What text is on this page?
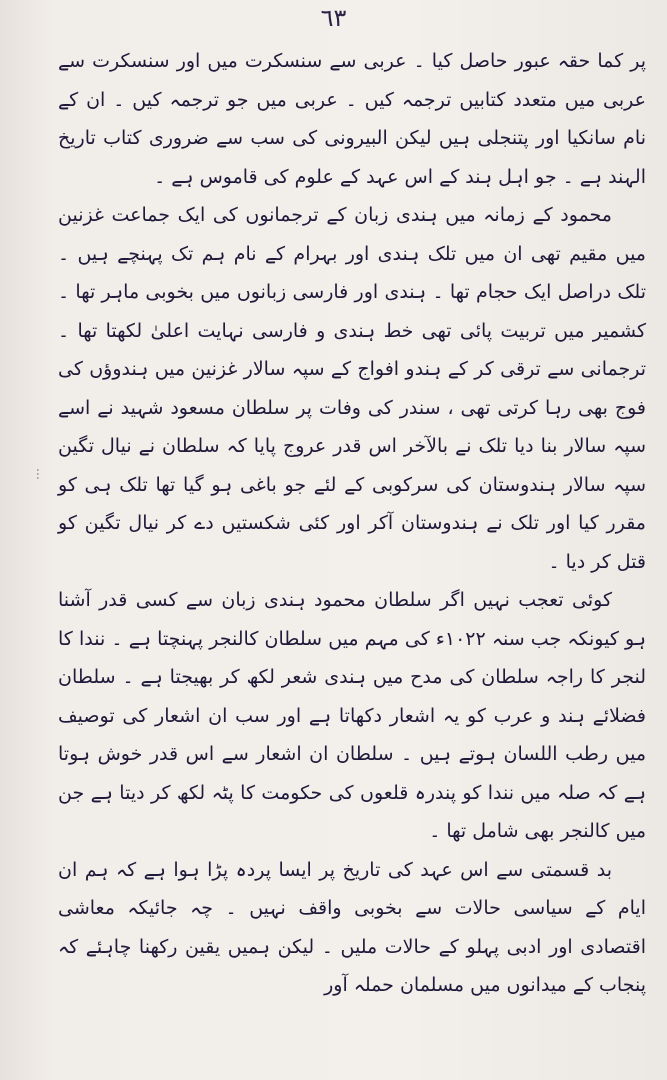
٦٣
…

پر کما حقہ عبور حاصل کیا ۔ عربی سے سنسکرت میں اور سنسکرت سے عربی میں متعدد کتابیں ترجمہ کیں ۔ عربی میں جو ترجمہ کیں ۔ ان کے نام سانکیا اور پتنجلی ہیں لیکن البیرونی کی سب سے ضروری کتاب تاریخ الہند ہے ۔ جو اہل ہند کے اس عہد کے علوم کی قاموس ہے ۔

محمود کے زمانہ میں ہندی زبان کے ترجمانوں کی ایک جماعت غزنین میں مقیم تھی ان میں تلک ہندی اور بہرام کے نام ہم تک پہنچے ہیں ۔ تلک دراصل ایک حجام تھا ۔ ہندی اور فارسی زبانوں میں بخوبی ماہر تھا ۔ کشمیر میں تربیت پائی تھی خط ہندی و فارسی نہایت اعلیٰ لکھتا تھا ۔ ترجمانی سے ترقی کر کے ہندو افواج کے سپہ سالار غزنین میں ہندوؤں کی فوج بھی رہا کرتی تھی ، سندر کی وفات پر سلطان مسعود شہید نے اسے سپہ سالار بنا دیا تلک نے بالآخر اس قدر عروج پایا کہ سلطان نے نیال تگین سپہ سالار ہندوستان کی سرکوبی کے لئے جو باغی ہو گیا تھا تلک ہی کو مقرر کیا اور تلک نے ہندوستان آکر اور کئی شکستیں دے کر نیال تگین کو قتل کر دیا ۔

کوئی تعجب نہیں اگر سلطان محمود ہندی زبان سے کسی قدر آشنا ہو کیونکہ جب سنہ ۱۰۲۲ء کی مہم میں سلطان کالنجر پہنچتا ہے ۔ نندا کا لنجر کا راجہ سلطان کی مدح میں ہندی شعر لکھ کر بھیجتا ہے ۔ سلطان فضلائے ہند و عرب کو یہ اشعار دکھاتا ہے اور سب ان اشعار کی توصیف میں رطب اللسان ہوتے ہیں ۔ سلطان ان اشعار سے اس قدر خوش ہوتا ہے کہ صلہ میں نندا کو پندرہ قلعوں کی حکومت کا پٹہ لکھ کر دیتا ہے جن میں کالنجر بھی شامل تھا ۔

بد قسمتی سے اس عہد کی تاریخ پر ایسا پردہ پڑا ہوا ہے کہ ہم ان ایام کے سیاسی حالات سے بخوبی واقف نہیں ۔ چہ جائیکہ معاشی اقتصادی اور ادبی پہلو کے حالات ملیں ۔ لیکن ہمیں یقین رکھنا چاہئے کہ پنجاب کے میدانوں میں مسلمان حملہ آور
